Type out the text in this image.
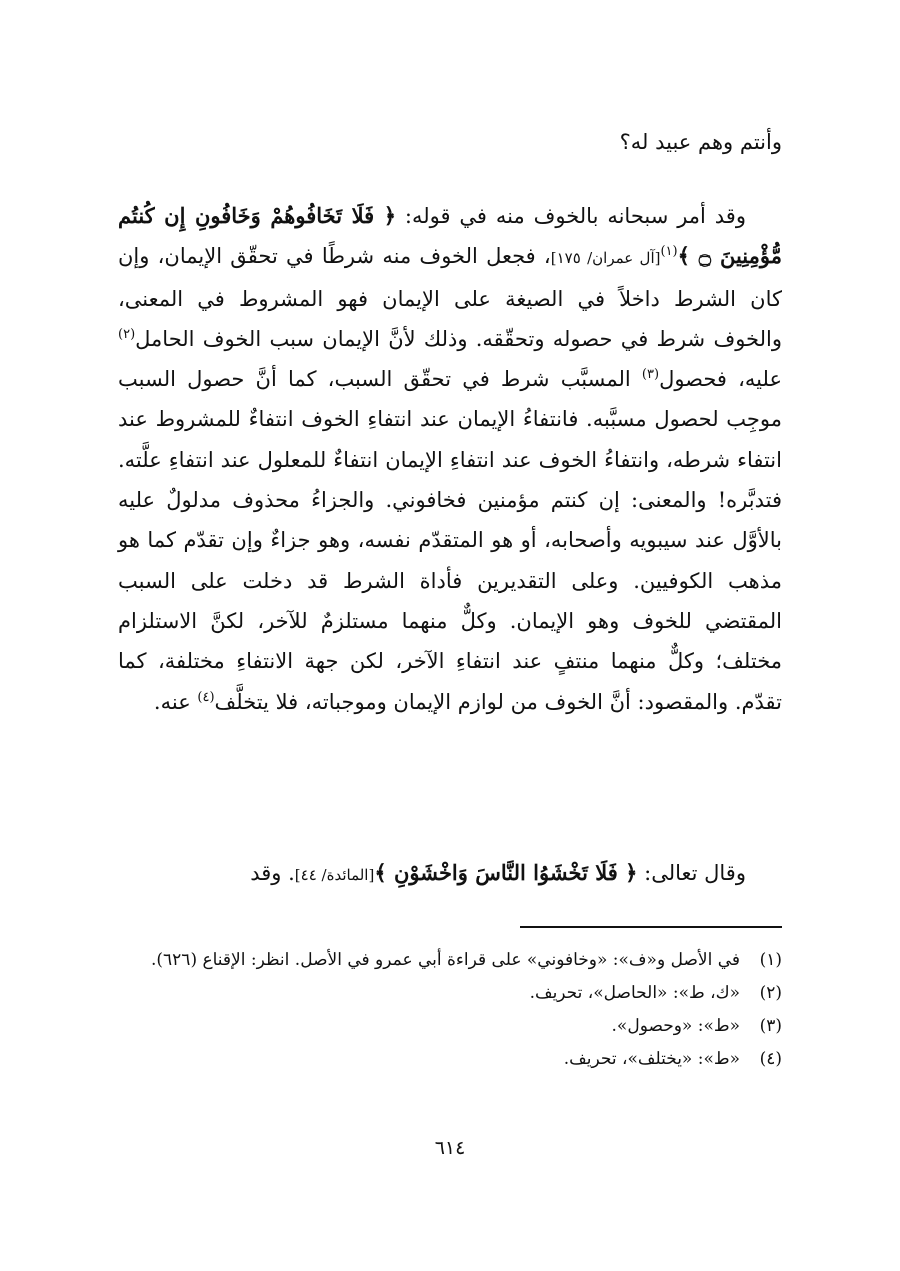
وأنتم وهم عبيد له؟

وقد أمر سبحانه بالخوف منه في قوله: ﴿ فَلَا تَخَافُوهُمْ وَخَافُونِ إِن كُنتُم مُّؤْمِنِينَ ۝ ﴾$^{(١)}$[آل عمران/ ١٧٥]، فجعل الخوف منه شرطًا في تحقّق الإيمان، وإن كان الشرط داخلاً في الصيغة على الإيمان فهو المشروط في المعنى، والخوف شرط في حصوله وتحقّقه. وذلك لأنَّ الإيمان سبب الخوف الحامل$^{(٢)}$ عليه، فحصول$^{(٣)}$ المسبَّب شرط في تحقّق السبب، كما أنَّ حصول السبب موجِب لحصول مسبَّبه. فانتفاءُ الإيمان عند انتفاءِ الخوف انتفاءٌ للمشروط عند انتفاء شرطه، وانتفاءُ الخوف عند انتفاءِ الإيمان انتفاءٌ للمعلول عند انتفاءِ علَّته. فتدبَّره! والمعنى: إن كنتم مؤمنين فخافوني. والجزاءُ محذوف مدلولٌ عليه بالأوَّل عند سيبويه وأصحابه، أو هو المتقدّم نفسه، وهو جزاءٌ وإن تقدّم كما هو مذهب الكوفيين. وعلى التقديرين فأداة الشرط قد دخلت على السبب المقتضي للخوف وهو الإيمان. وكلٌّ منهما مستلزمٌ للآخر، لكنَّ الاستلزام مختلف؛ وكلٌّ منهما منتفٍ عند انتفاءِ الآخر، لكن جهة الانتفاءِ مختلفة، كما تقدّم. والمقصود: أنَّ الخوف من لوازم الإيمان وموجباته، فلا يتخلَّف$^{(٤)}$ عنه.

وقال تعالى: ﴿ فَلَا تَخْشَوُا النَّاسَ وَاخْشَوْنِ ﴾[المائدة/ ٤٤]. وقد

(١)
في الأصل و«ف»: «وخافوني» على قراءة أبي عمرو في الأصل. انظر: الإقناع (٦٢٦).
(٢)
«ك، ط»: «الحاصل»، تحريف.
(٣)
«ط»: «وحصول».
(٤)
«ط»: «يختلف»، تحريف.
٦١٤
